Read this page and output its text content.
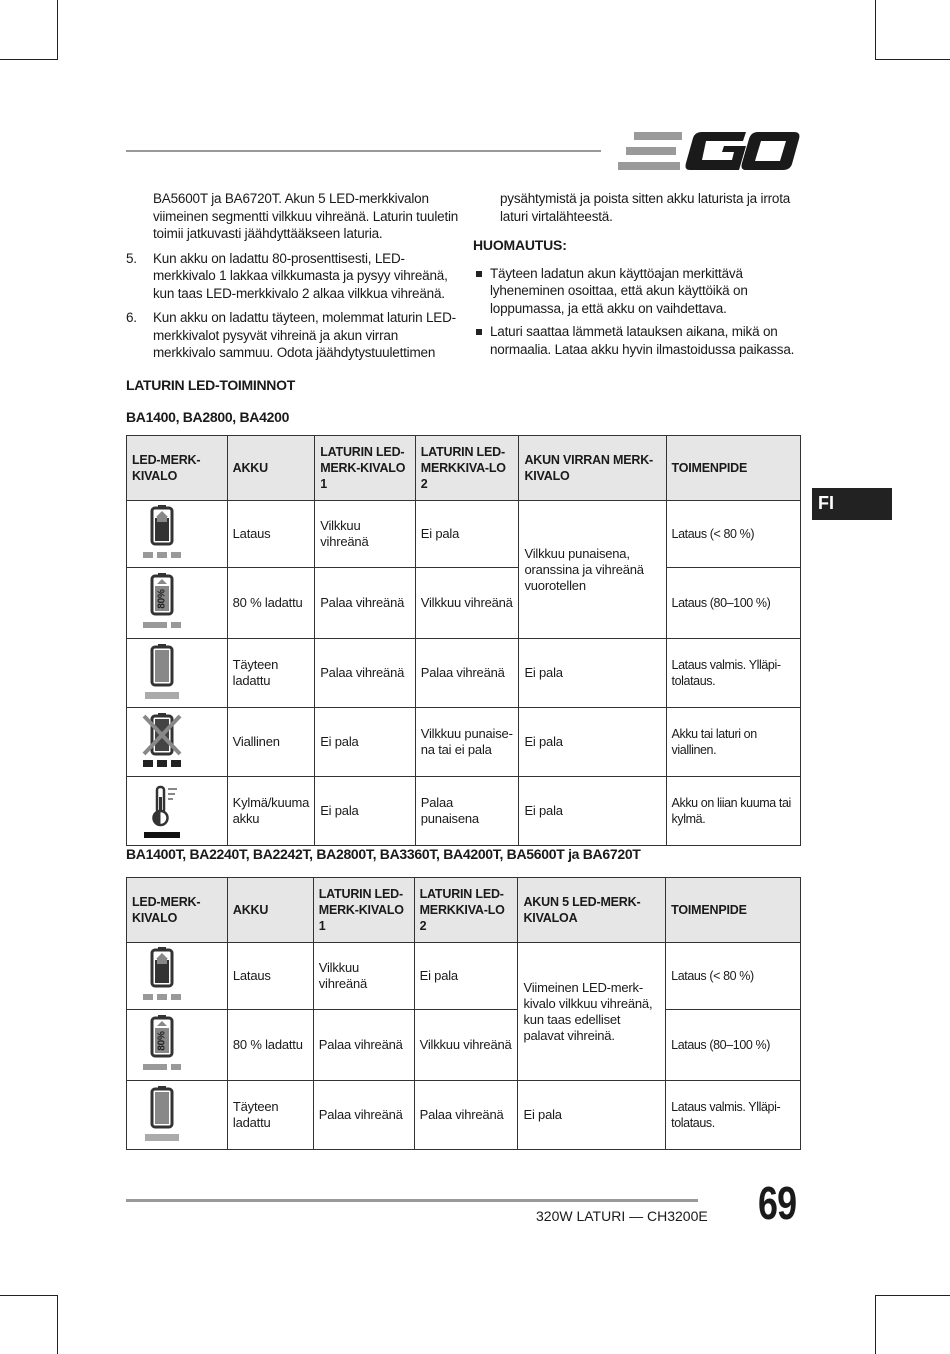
BA5600T ja BA6720T. Akun 5 LED-merkkivalon viimeinen segmentti vilkkuu vihreänä. Laturin tuuletin toimii jatkuvasti jäähdyttääkseen laturia.
5. Kun akku on ladattu 80-prosenttisesti, LED-merkkivalo 1 lakkaa vilkkumasta ja pysyy vihreänä, kun taas LED-merkkivalo 2 alkaa vilkkua vihreänä.
6. Kun akku on ladattu täyteen, molemmat laturin LED-merkkivalot pysyvät vihreinä ja akun virran merkkivalo sammuu. Odota jäähdytystuulettimen
pysähtymistä ja poista sitten akku laturista ja irrota laturi virtalähteestä.
HUOMAUTUS:
Täyteen ladatun akun käyttöajan merkittävä lyheneminen osoittaa, että akun käyttöikä on loppumassa, ja että akku on vaihdettava.
Laturi saattaa lämmetä latauksen aikana, mikä on normaalia. Lataa akku hyvin ilmastoidussa paikassa.
LATURIN LED-TOIMINNOT
BA1400, BA2800, BA4200
LED-MERK-KIVALO	AKKU	LATURIN LED-MERK-KIVALO 1	LATURIN LED-MERKKIVA-LO 2	AKUN VIRRAN MERK-KIVALO	TOIMENPIDE
	Lataus	Vilkkuu vihreänä	Ei pala	Vilkkuu punaisena, oranssina ja vihreänä vuorotellen	Lataus (< 80 %)

80%	80 % ladattu	Palaa vihreänä	Vilkkuu vihreänä		Lataus (80–100 %)
	Täyteen ladattu	Palaa vihreänä	Palaa vihreänä	Ei pala	Lataus valmis. Ylläpi-tolataus.
	Viallinen	Ei pala	Vilkkuu punaise-na tai ei pala	Ei pala	Akku tai laturi on viallinen.
	Kylmä/kuuma akku	Ei pala	Palaa punaisena	Ei pala	Akku on liian kuuma tai kylmä.
BA1400T, BA2240T, BA2242T, BA2800T, BA3360T, BA4200T, BA5600T ja BA6720T
LED-MERK-KIVALO	AKKU	LATURIN LED-MERK-KIVALO 1	LATURIN LED-MERKKIVA-LO 2	AKUN 5 LED-MERK-KIVALOA	TOIMENPIDE
	Lataus	Vilkkuu vihreänä	Ei pala	Viimeinen LED-merk-kivalo vilkkuu vihreänä, kun taas edelliset palavat vihreinä.	Lataus (< 80 %)

80%	80 % ladattu	Palaa vihreänä	Vilkkuu vihreänä		Lataus (80–100 %)
	Täyteen ladattu	Palaa vihreänä	Palaa vihreänä	Ei pala	Lataus valmis. Ylläpi-tolataus.
FI
320W LATURI — CH3200E 69
